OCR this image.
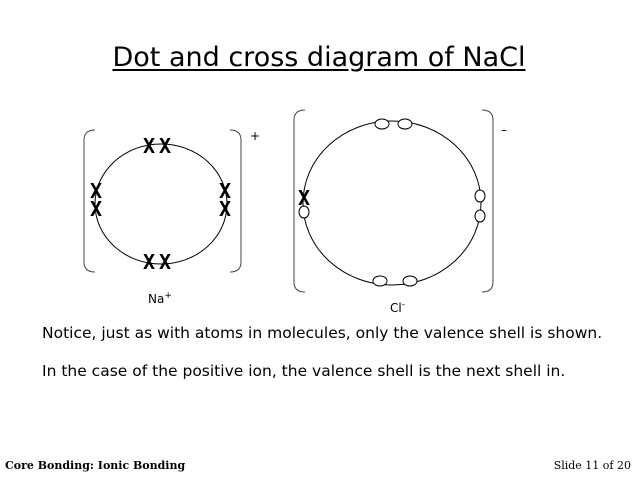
Dot and cross diagram of NaCl
X X
X
X
X
X
X X
+
Na+
X
–
Cl-
Notice, just as with atoms in molecules, only the valence shell is shown.
In the case of the positive ion, the valence shell is the next shell in.
Core Bonding: Ionic Bonding	Slide 11 of 20
